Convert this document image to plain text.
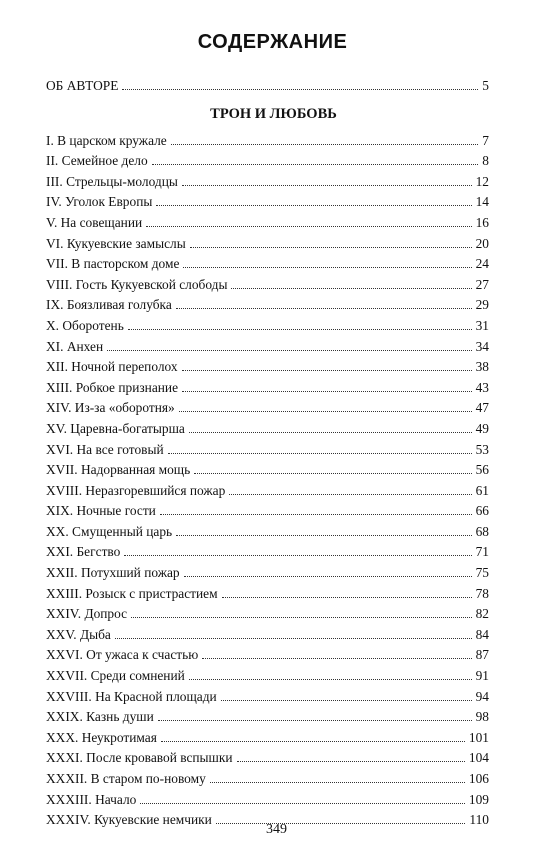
СОДЕРЖАНИЕ
ОБ АВТОРЕ	5
ТРОН И ЛЮБОВЬ
I. В царском кружале	7
II. Семейное дело	8
III. Стрельцы-молодцы	12
IV. Уголок Европы	14
V. На совещании	16
VI. Кукуевские замыслы	20
VII. В пасторском доме	24
VIII. Гость Кукуевской слободы	27
IX. Боязливая голубка	29
X. Оборотень	31
XI. Анхен	34
XII. Ночной переполох	38
XIII. Робкое признание	43
XIV. Из-за «оборотня»	47
XV. Царевна-богатырша	49
XVI. На все готовый	53
XVII. Надорванная мощь	56
XVIII. Неразгоревшийся пожар	61
XIX. Ночные гости	66
XX. Смущенный царь	68
XXI. Бегство	71
XXII. Потухший пожар	75
XXIII. Розыск с пристрастием	78
XXIV. Допрос	82
XXV. Дыба	84
XXVI. От ужаса к счастью	87
XXVII. Среди сомнений	91
XXVIII. На Красной площади	94
XXIX. Казнь души	98
XXX. Неукротимая	101
XXXI. После кровавой вспышки	104
XXXII. В старом по-новому	106
XXXIII. Начало	109
XXXIV. Кукуевские немчики	110
349
